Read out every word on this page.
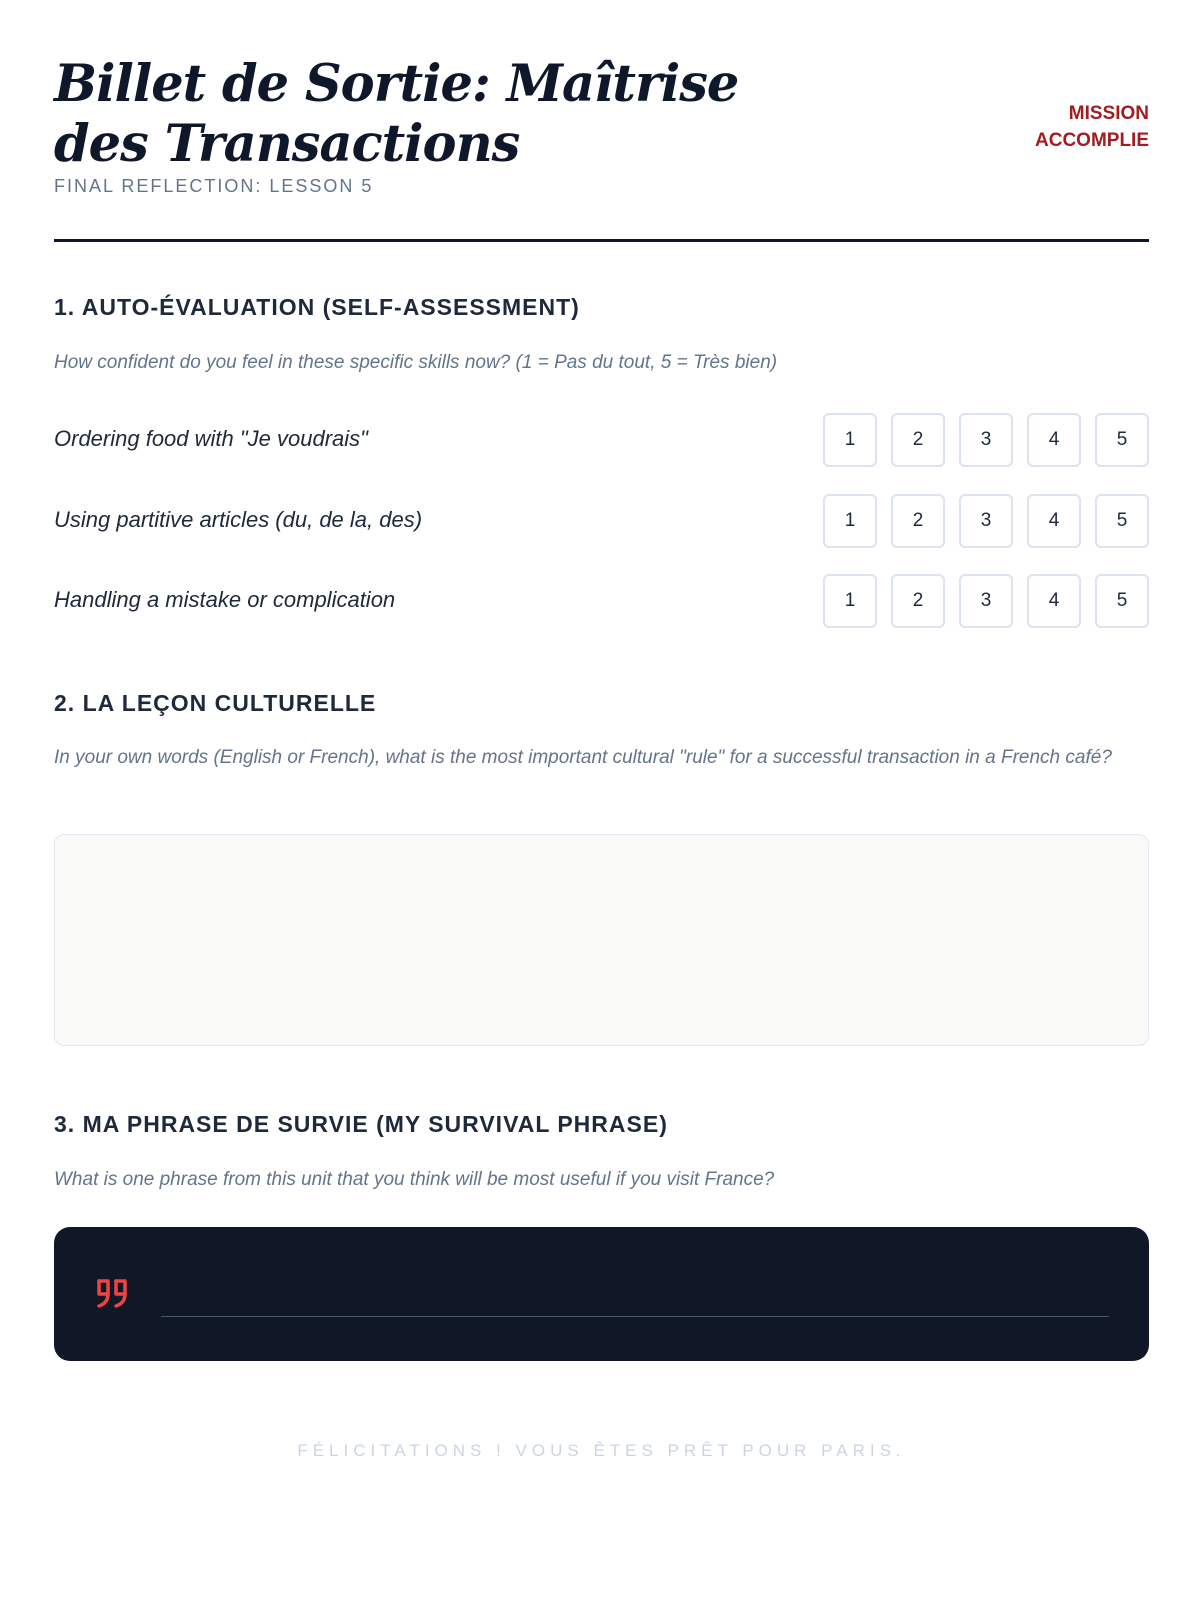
Billet de Sortie: Maîtrise des Transactions
FINAL REFLECTION: LESSON 5
MISSION
ACCOMPLIE
1. AUTO-ÉVALUATION (SELF-ASSESSMENT)

How confident do you feel in these specific skills now? (1 = Pas du tout, 5 = Très bien)

Ordering food with "Je voudrais"	1	2	3	4	5
Using partitive articles (du, de la, des)	1	2	3	4	5
Handling a mistake or complication	1	2	3	4	5
2. LA LEÇON CULTURELLE

In your own words (English or French), what is the most important cultural "rule" for a successful transaction in a French café?

3. MA PHRASE DE SURVIE (MY SURVIVAL PHRASE)

What is one phrase from this unit that you think will be most useful if you visit France?

FÉLICITATIONS ! VOUS ÊTES PRÊT POUR PARIS.
